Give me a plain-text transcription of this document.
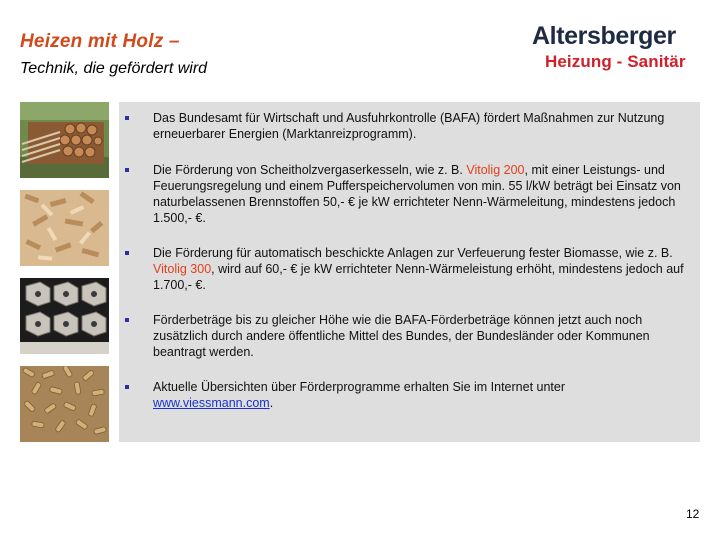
Heizen mit Holz –
Technik, die gefördert wird
Altersberger
Heizung - Sanitär
Das Bundesamt für Wirtschaft und Ausfuhrkontrolle (BAFA) fördert Maßnahmen zur Nutzung erneuerbarer Energien (Marktanreizprogramm).
Die Förderung von Scheitholzvergaserkesseln, wie z. B. Vitolig 200, mit einer Leistungs- und Feuerungsregelung und einem Pufferspeichervolumen von min. 55 l/kW beträgt bei Einsatz von naturbelassenen Brennstoffen 50,- € je kW errichteter Nenn-Wärmeleitung, mindestens jedoch 1.500,- €.
Die Förderung für automatisch beschickte Anlagen zur Verfeuerung fester Biomasse, wie z. B. Vitolig 300, wird auf 60,- € je kW errichteter Nenn-Wärmeleistung erhöht, mindestens jedoch auf 1.700,- €.
Förderbeträge bis zu gleicher Höhe wie die BAFA-Förderbeträge können jetzt auch noch zusätzlich durch andere öffentliche Mittel des Bundes, der Bundesländer oder Kommunen beantragt werden.
Aktuelle Übersichten über Förderprogramme erhalten Sie im Internet unter www.viessmann.com.
12
